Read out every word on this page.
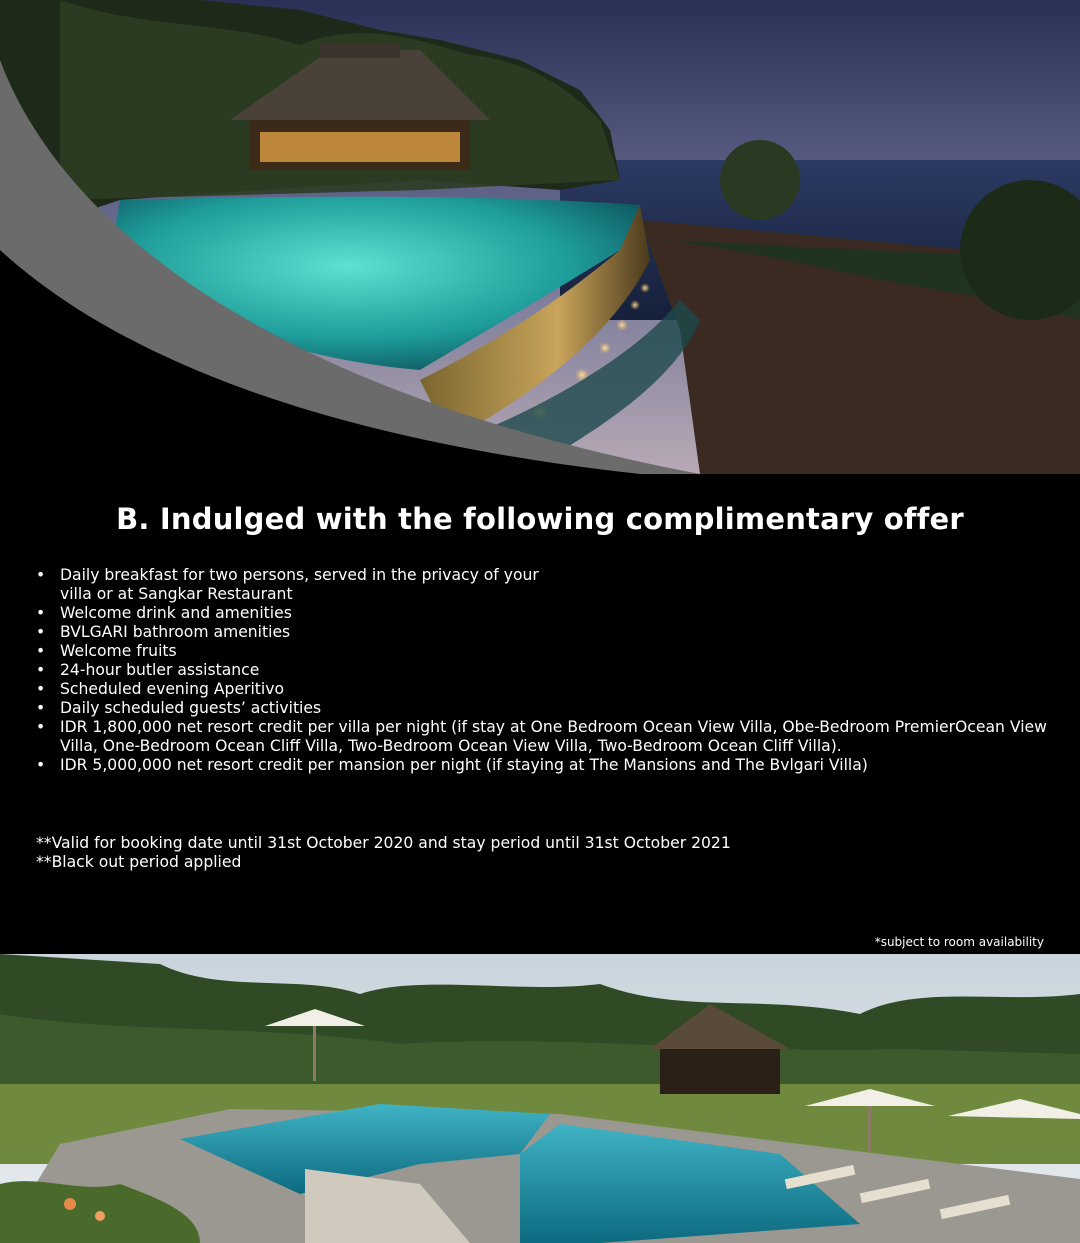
B. Indulged with the following complimentary offer
• Daily breakfast for two persons, served in the privacy of your
villa or at Sangkar Restaurant
• Welcome drink and amenities
• BVLGARI bathroom amenities
• Welcome fruits
• 24-hour butler assistance
• Scheduled evening Aperitivo
• Daily scheduled guests’ activities
• IDR 1,800,000 net resort credit per villa per night (if stay at One Bedroom Ocean View Villa, Obe-Bedroom PremierOcean View Villa, One-Bedroom Ocean Cliff Villa, Two-Bedroom Ocean View Villa, Two-Bedroom Ocean Cliff Villa).
• IDR 5,000,000 net resort credit per mansion per night (if staying at The Mansions and The Bvlgari Villa)
**Valid for booking date until 31st October 2020 and stay period until 31st October 2021
**Black out period applied
*subject to room availability
